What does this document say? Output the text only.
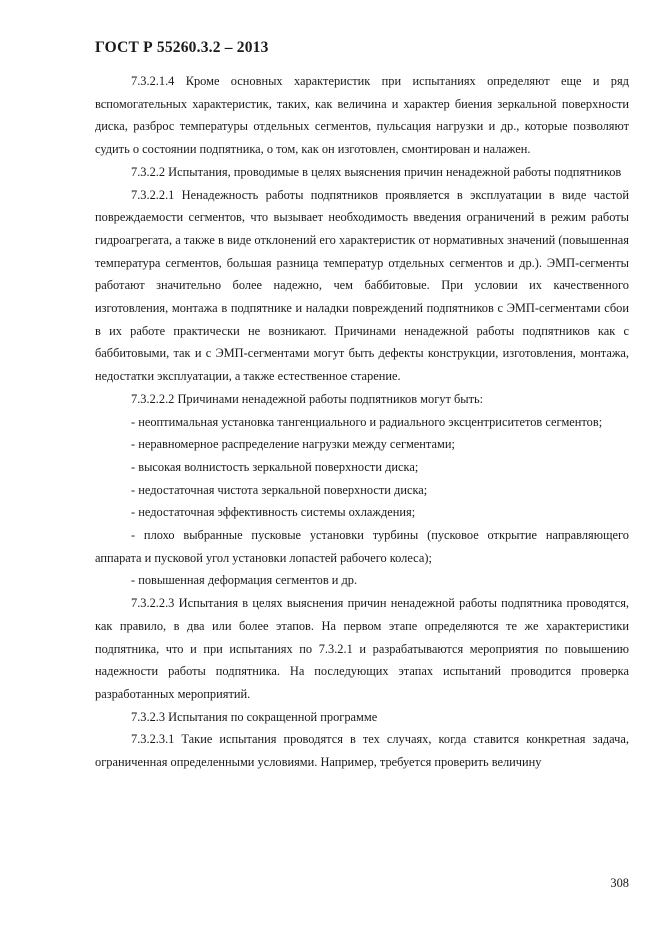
ГОСТ Р 55260.3.2 – 2013

7.3.2.1.4 Кроме основных характеристик при испытаниях определяют еще и ряд вспомогательных характеристик, таких, как величина и характер биения зеркальной поверхности диска, разброс температуры отдельных сегментов, пульсация нагрузки и др., которые позволяют судить о состоянии подпятника, о том, как он изготовлен, смонтирован и налажен.

7.3.2.2 Испытания, проводимые в целях выяснения причин ненадежной работы подпятников

7.3.2.2.1 Ненадежность работы подпятников проявляется в эксплуатации в виде частой повреждаемости сегментов, что вызывает необходимость введения ограничений в режим работы гидроагрегата, а также в виде отклонений его характеристик от нормативных значений (повышенная температура сегментов, большая разница температур отдельных сегментов и др.). ЭМП-сегменты работают значительно более надежно, чем баббитовые. При условии их качественного изготовления, монтажа в подпятнике и наладки повреждений подпятников с ЭМП-сегментами сбои в их работе практически не возникают. Причинами ненадежной работы подпятников как с баббитовыми, так и с ЭМП-сегментами могут быть дефекты конструкции, изготовления, монтажа, недостатки эксплуатации, а также естественное старение.

7.3.2.2.2 Причинами ненадежной работы подпятников могут быть:

- неоптимальная установка тангенциального и радиального эксцентриситетов сегментов;

- неравномерное распределение нагрузки между сегментами;

- высокая волнистость зеркальной поверхности диска;

- недостаточная чистота зеркальной поверхности диска;

- недостаточная эффективность системы охлаждения;

- плохо выбранные пусковые установки турбины (пусковое открытие направляющего аппарата и пусковой угол установки лопастей рабочего колеса);

- повышенная деформация сегментов и др.

7.3.2.2.3 Испытания в целях выяснения причин ненадежной работы подпятника проводятся, как правило, в два или более этапов. На первом этапе определяются те же характеристики подпятника, что и при испытаниях по 7.3.2.1 и разрабатываются мероприятия по повышению надежности работы подпятника. На последующих этапах испытаний проводится проверка разработанных мероприятий.

7.3.2.3 Испытания по сокращенной программе

7.3.2.3.1 Такие испытания проводятся в тех случаях, когда ставится конкретная задача, ограниченная определенными условиями. Например, требуется проверить величину

308
